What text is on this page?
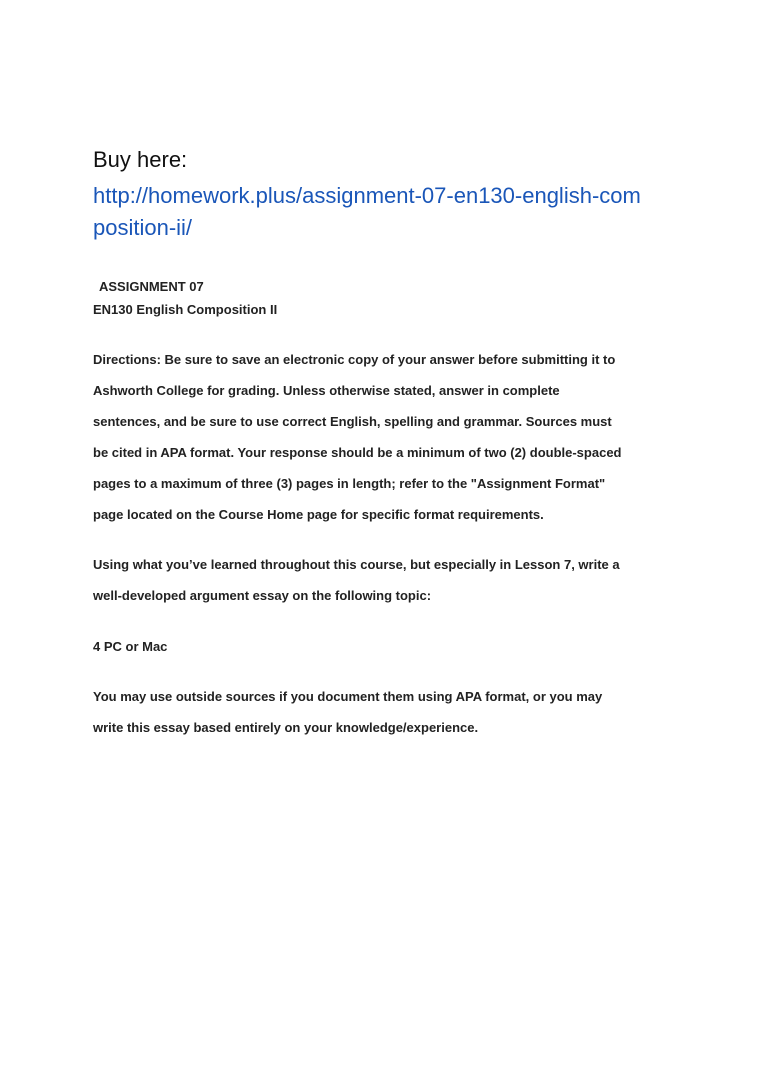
Buy here:
http://homework.plus/assignment-07-en130-english-com
position-ii/
ASSIGNMENT 07
EN130 English Composition II
Directions: Be sure to save an electronic copy of your answer before submitting it to
Ashworth College for grading. Unless otherwise stated, answer in complete
sentences, and be sure to use correct English, spelling and grammar. Sources must
be cited in APA format. Your response should be a minimum of two (2) double-spaced
pages to a maximum of three (3) pages in length; refer to the "Assignment Format"
page located on the Course Home page for specific format requirements.
Using what you’ve learned throughout this course, but especially in Lesson 7, write a
well-developed argument essay on the following topic:
4 PC or Mac
You may use outside sources if you document them using APA format, or you may
write this essay based entirely on your knowledge/experience.
